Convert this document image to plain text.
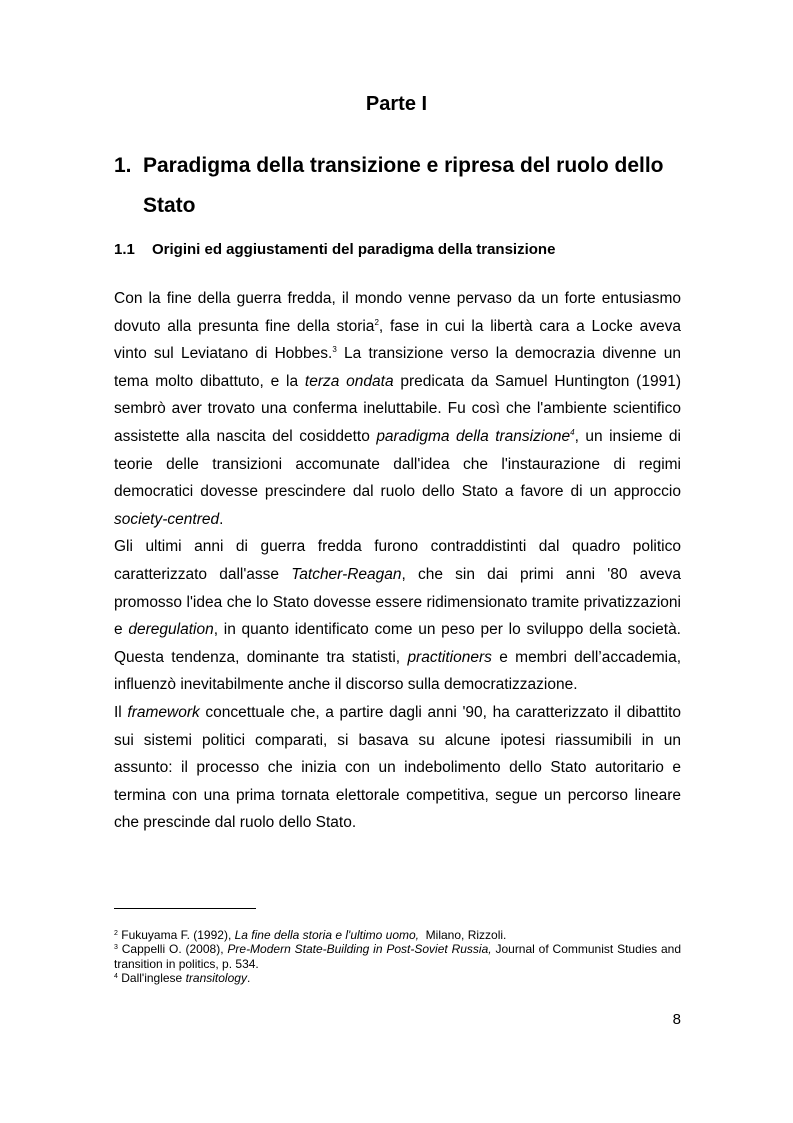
Parte I
1. Paradigma della transizione e ripresa del ruolo dello Stato
1.1 Origini ed aggiustamenti del paradigma della transizione

Con la fine della guerra fredda, il mondo venne pervaso da un forte entusiasmo dovuto alla presunta fine della storia$^2$, fase in cui la libertà cara a Locke aveva vinto sul Leviatano di Hobbes.$^3$ La transizione verso la democrazia divenne un tema molto dibattuto, e la terza ondata predicata da Samuel Huntington (1991) sembrò aver trovato una conferma ineluttabile. Fu così che l'ambiente scientifico assistette alla nascita del cosiddetto paradigma della transizione$^4$, un insieme di teorie delle transizioni accomunate dall'idea che l'instaurazione di regimi democratici dovesse prescindere dal ruolo dello Stato a favore di un approccio society-centred.

Gli ultimi anni di guerra fredda furono contraddistinti dal quadro politico caratterizzato dall'asse Tatcher-Reagan, che sin dai primi anni '80 aveva promosso l'idea che lo Stato dovesse essere ridimensionato tramite privatizzazioni e deregulation, in quanto identificato come un peso per lo sviluppo della società. Questa tendenza, dominante tra statisti, practitioners e membri dell’accademia, influenzò inevitabilmente anche il discorso sulla democratizzazione.

Il framework concettuale che, a partire dagli anni '90, ha caratterizzato il dibattito sui sistemi politici comparati, si basava su alcune ipotesi riassumibili in un assunto: il processo che inizia con un indebolimento dello Stato autoritario e termina con una prima tornata elettorale competitiva, segue un percorso lineare che prescinde dal ruolo dello Stato.

$^2$ Fukuyama F. (1992), La fine della storia e l'ultimo uomo,  Milano, Rizzoli.

$^3$ Cappelli O. (2008), Pre-Modern State-Building in Post-Soviet Russia, Journal of Communist Studies and transition in politics, p. 534.

$^4$ Dall'inglese transitology.

8
